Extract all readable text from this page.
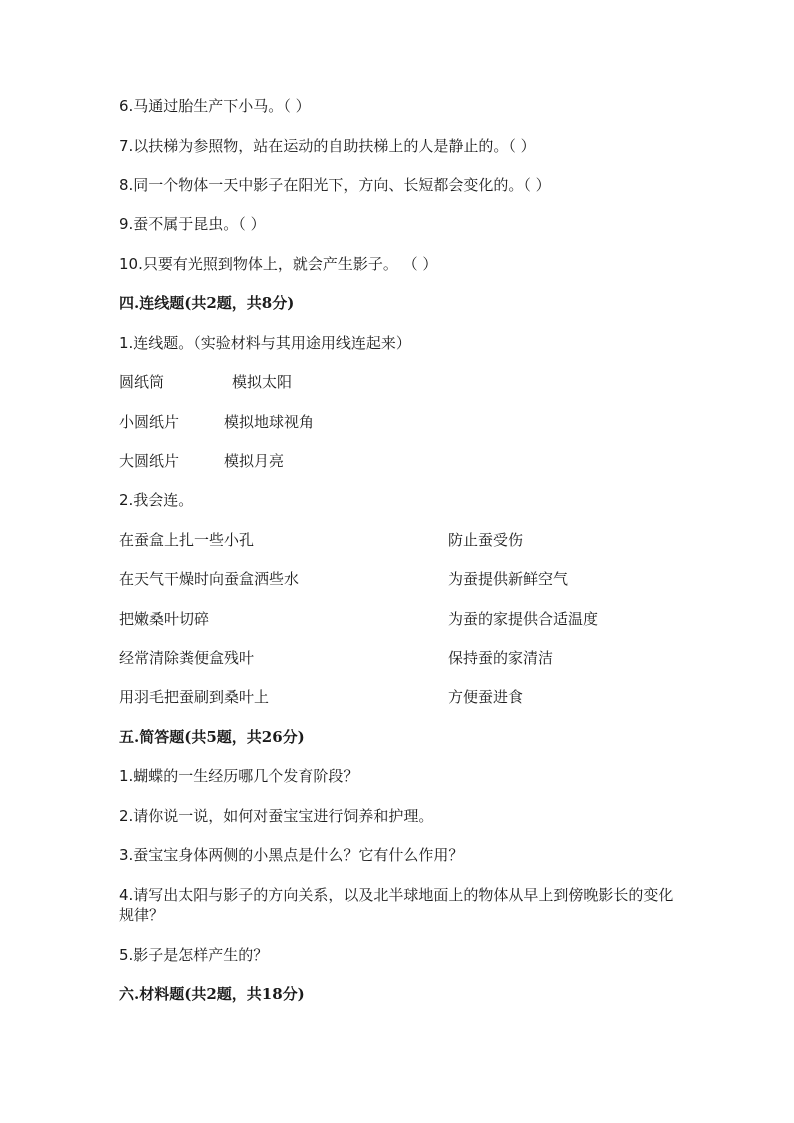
6.马通过胎生产下小马。（ ）
7.以扶梯为参照物，站在运动的自助扶梯上的人是静止的。（ ）
8.同一个物体一天中影子在阳光下，方向、长短都会变化的。（ ）
9.蚕不属于昆虫。（ ）
10.只要有光照到物体上，就会产生影子。 （ ）
四.连线题(共2题，共8分)
1.连线题。（实验材料与其用途用线连起来）
圆纸筒	模拟太阳
小圆纸片	模拟地球视角
大圆纸片	模拟月亮
2.我会连。
在蚕盒上扎一些小孔	防止蚕受伤
在天气干燥时向蚕盒洒些水	为蚕提供新鲜空气
把嫩桑叶切碎	为蚕的家提供合适温度
经常清除粪便盒残叶	保持蚕的家清洁
用羽毛把蚕刷到桑叶上	方便蚕进食
五.简答题(共5题，共26分)
1.蝴蝶的一生经历哪几个发育阶段？
2.请你说一说，如何对蚕宝宝进行饲养和护理。
3.蚕宝宝身体两侧的小黑点是什么？它有什么作用？
4.请写出太阳与影子的方向关系，以及北半球地面上的物体从早上到傍晚影长的变化规律？
5.影子是怎样产生的？
六.材料题(共2题，共18分)
